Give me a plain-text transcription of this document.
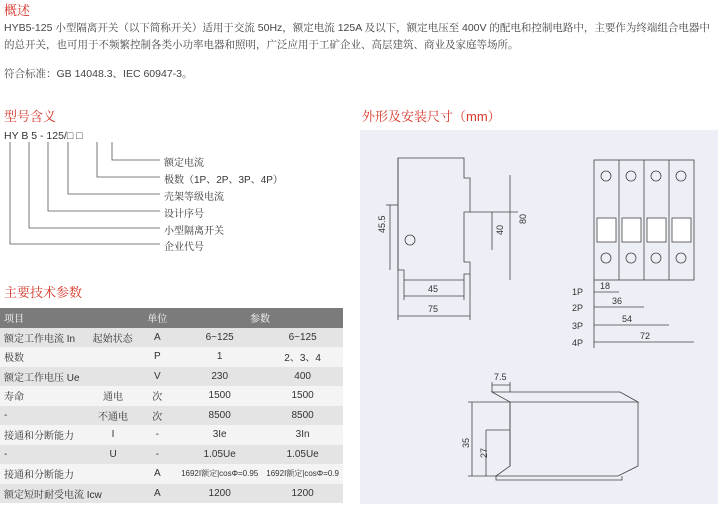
概述
HYB5-125 小型隔离开关（以下简称开关）适用于交流 50Hz，额定电流 125A 及以下，额定电压至 400V 的配电和控制电路中，主要作为终端组合电器中的总开关，也可用于不频繁控制各类小功率电器和照明，广泛应用于工矿企业、高层建筑、商业及家庭等场所。
符合标准：GB 14048.3、IEC 60947-3。
型号含义
HY B 5 - 125/□ □
额定电流
极数（1P、2P、3P、4P）
壳架等级电流
设计序号
小型隔离开关
企业代号
主要技术参数
项目		单位	参数	
额定工作电流 In	起始状态	A	6~125	6~125
极数		P	1	2、3、4
额定工作电压 Ue		V	230	400
寿命	通电	次	1500	1500
-	不通电	次	8500	8500
接通和分断能力	I	-	3Ie	3In
-	U	-	1.05Ue	1.05Ue
接通和分断能力		A	1692I额定|cosΦ=0.95	1692I额定|cosΦ=0.9
额定短时耐受电流 Icw		A	1200	1200
外形及安装尺寸（mm）
45.5	40
80
45
75
1P
2P
3P
4P
18
36
54
72
7.5
35
27
